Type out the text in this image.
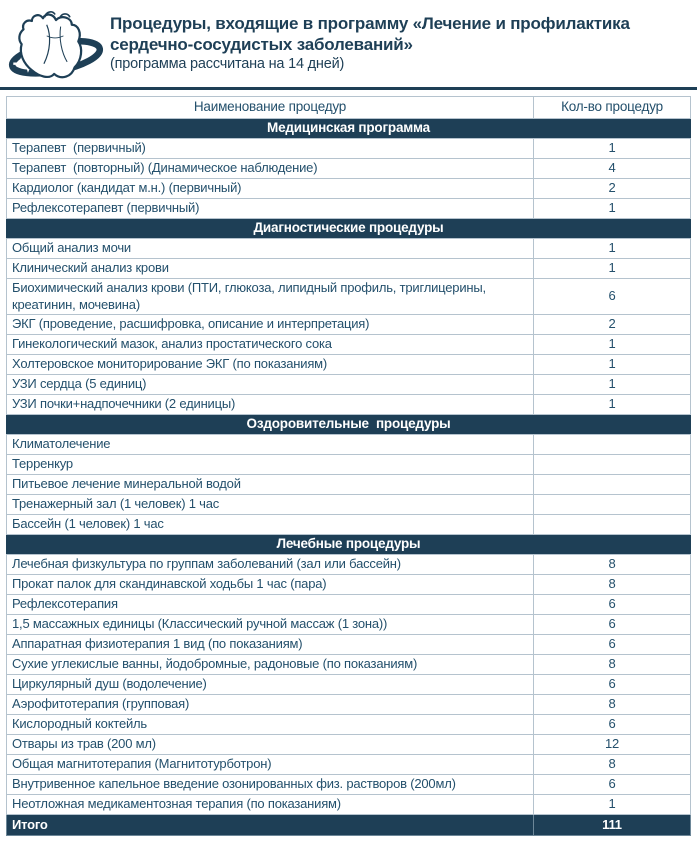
Процедуры, входящие в программу «Лечение и профилактика
сердечно-сосудистых заболеваний»
(программа рассчитана на 14 дней)
Наименование процедур	Кол-во процедур
Медицинская программа	
Терапевт  (первичный)	1
Терапевт  (повторный) (Динамическое наблюдение)	4
Кардиолог (кандидат м.н.) (первичный)	2
Рефлексотерапевт (первичный)	1
Диагностические процедуры	
Общий анализ мочи	1
Клинический анализ крови	1
Биохимический анализ крови (ПТИ, глюкоза, липидный профиль, триглицерины, креатинин, мочевина)	6
ЭКГ (проведение, расшифровка, описание и интерпретация)	2
Гинекологический мазок, анализ простатического сока	1
Холтеровское мониторирование ЭКГ (по показаниям)	1
УЗИ сердца (5 единиц)	1
УЗИ почки+надпочечники (2 единицы)	1
Оздоровительные  процедуры	
Климатолечение	
Терренкур	
Питьевое лечение минеральной водой	
Тренажерный зал (1 человек) 1 час	
Бассейн (1 человек) 1 час	
Лечебные процедуры	
Лечебная физкультура по группам заболеваний (зал или бассейн)	8
Прокат палок для скандинавской ходьбы 1 час (пара)	8
Рефлексотерапия	6
1,5 массажных единицы (Классический ручной массаж (1 зона))	6
Аппаратная физиотерапия 1 вид (по показаниям)	6
Сухие углекислые ванны, йодобромные, радоновые (по показаниям)	8
Циркулярный душ (водолечение)	6
Аэрофитотерапия (групповая)	8
Кислородный коктейль	6
Отвары из трав (200 мл)	12
Общая магнитотерапия (Магнитотурботрон)	8
Внутривенное капельное введение озонированных физ. растворов (200мл)	6
Неотложная медикаментозная терапия (по показаниям)	1
Итого	111
